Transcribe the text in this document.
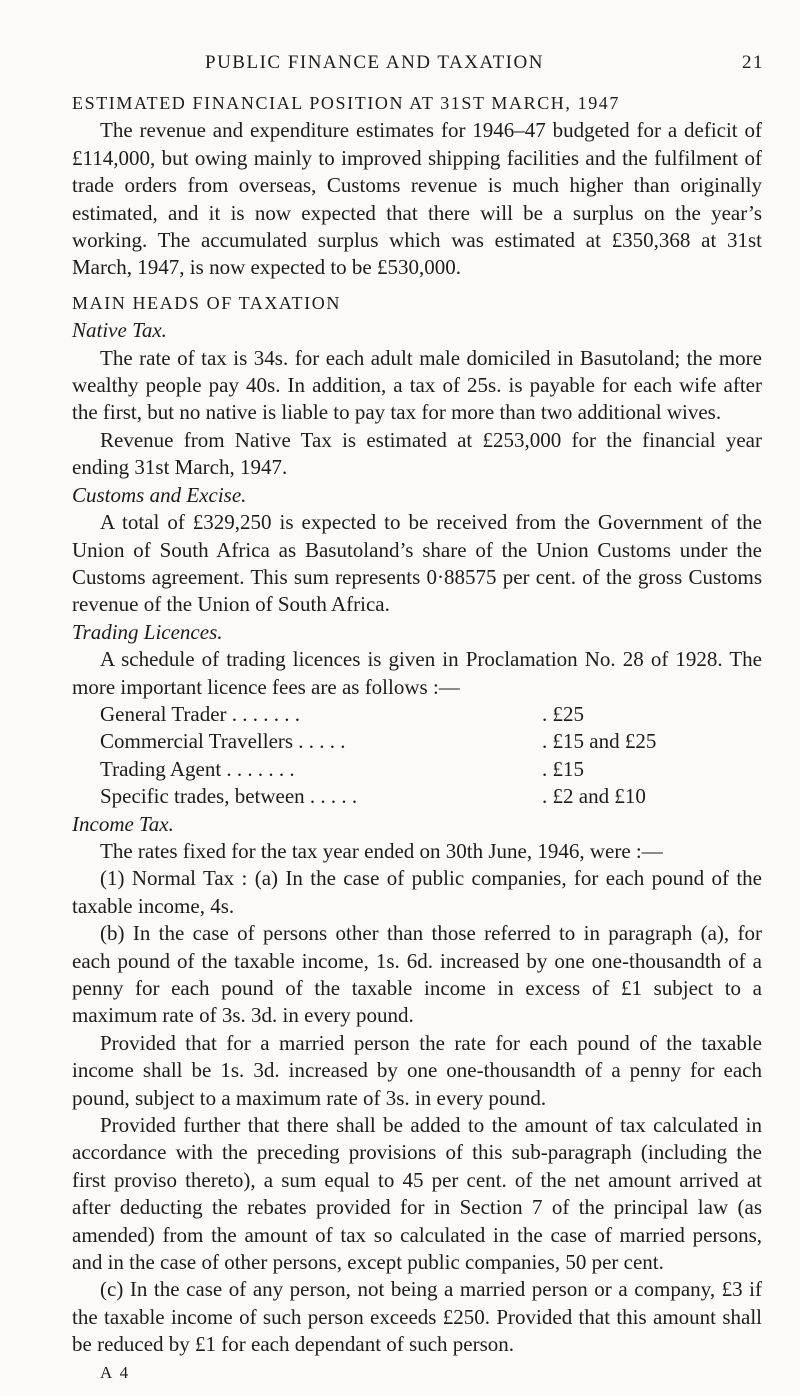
PUBLIC FINANCE AND TAXATION	21

ESTIMATED FINANCIAL POSITION AT 31ST MARCH, 1947

The revenue and expenditure estimates for 1946–47 budgeted for a deficit of £114,000, but owing mainly to improved shipping facilities and the fulfilment of trade orders from overseas, Customs revenue is much higher than originally estimated, and it is now expected that there will be a surplus on the year’s working. The accumulated surplus which was estimated at £350,368 at 31st March, 1947, is now expected to be £530,000.

MAIN HEADS OF TAXATION

Native Tax.

The rate of tax is 34s. for each adult male domiciled in Basutoland; the more wealthy people pay 40s. In addition, a tax of 25s. is payable for each wife after the first, but no native is liable to pay tax for more than two additional wives.

Revenue from Native Tax is estimated at £253,000 for the financial year ending 31st March, 1947.

Customs and Excise.

A total of £329,250 is expected to be received from the Government of the Union of South Africa as Basutoland’s share of the Union Customs under the Customs agreement. This sum represents 0·88575 per cent. of the gross Customs revenue of the Union of South Africa.

Trading Licences.

A schedule of trading licences is given in Proclamation No. 28 of 1928. The more important licence fees are as follows :—

General Trader . . . . . . .	. £25
Commercial Travellers . . . . .	. £15 and £25
Trading Agent . . . . . . .	. £15
Specific trades, between . . . . .	. £2 and £10

Income Tax.

The rates fixed for the tax year ended on 30th June, 1946, were :—

(1) Normal Tax : (a) In the case of public companies, for each pound of the taxable income, 4s.

(b) In the case of persons other than those referred to in paragraph (a), for each pound of the taxable income, 1s. 6d. increased by one one-thousandth of a penny for each pound of the taxable income in excess of £1 subject to a maximum rate of 3s. 3d. in every pound.

Provided that for a married person the rate for each pound of the taxable income shall be 1s. 3d. increased by one one-thousandth of a penny for each pound, subject to a maximum rate of 3s. in every pound.

Provided further that there shall be added to the amount of tax calculated in accordance with the preceding provisions of this sub-paragraph (including the first proviso thereto), a sum equal to 45 per cent. of the net amount arrived at after deducting the rebates provided for in Section 7 of the principal law (as amended) from the amount of tax so calculated in the case of married persons, and in the case of other persons, except public companies, 50 per cent.

(c) In the case of any person, not being a married person or a company, £3 if the taxable income of such person exceeds £250. Provided that this amount shall be reduced by £1 for each dependant of such person.

A 4
